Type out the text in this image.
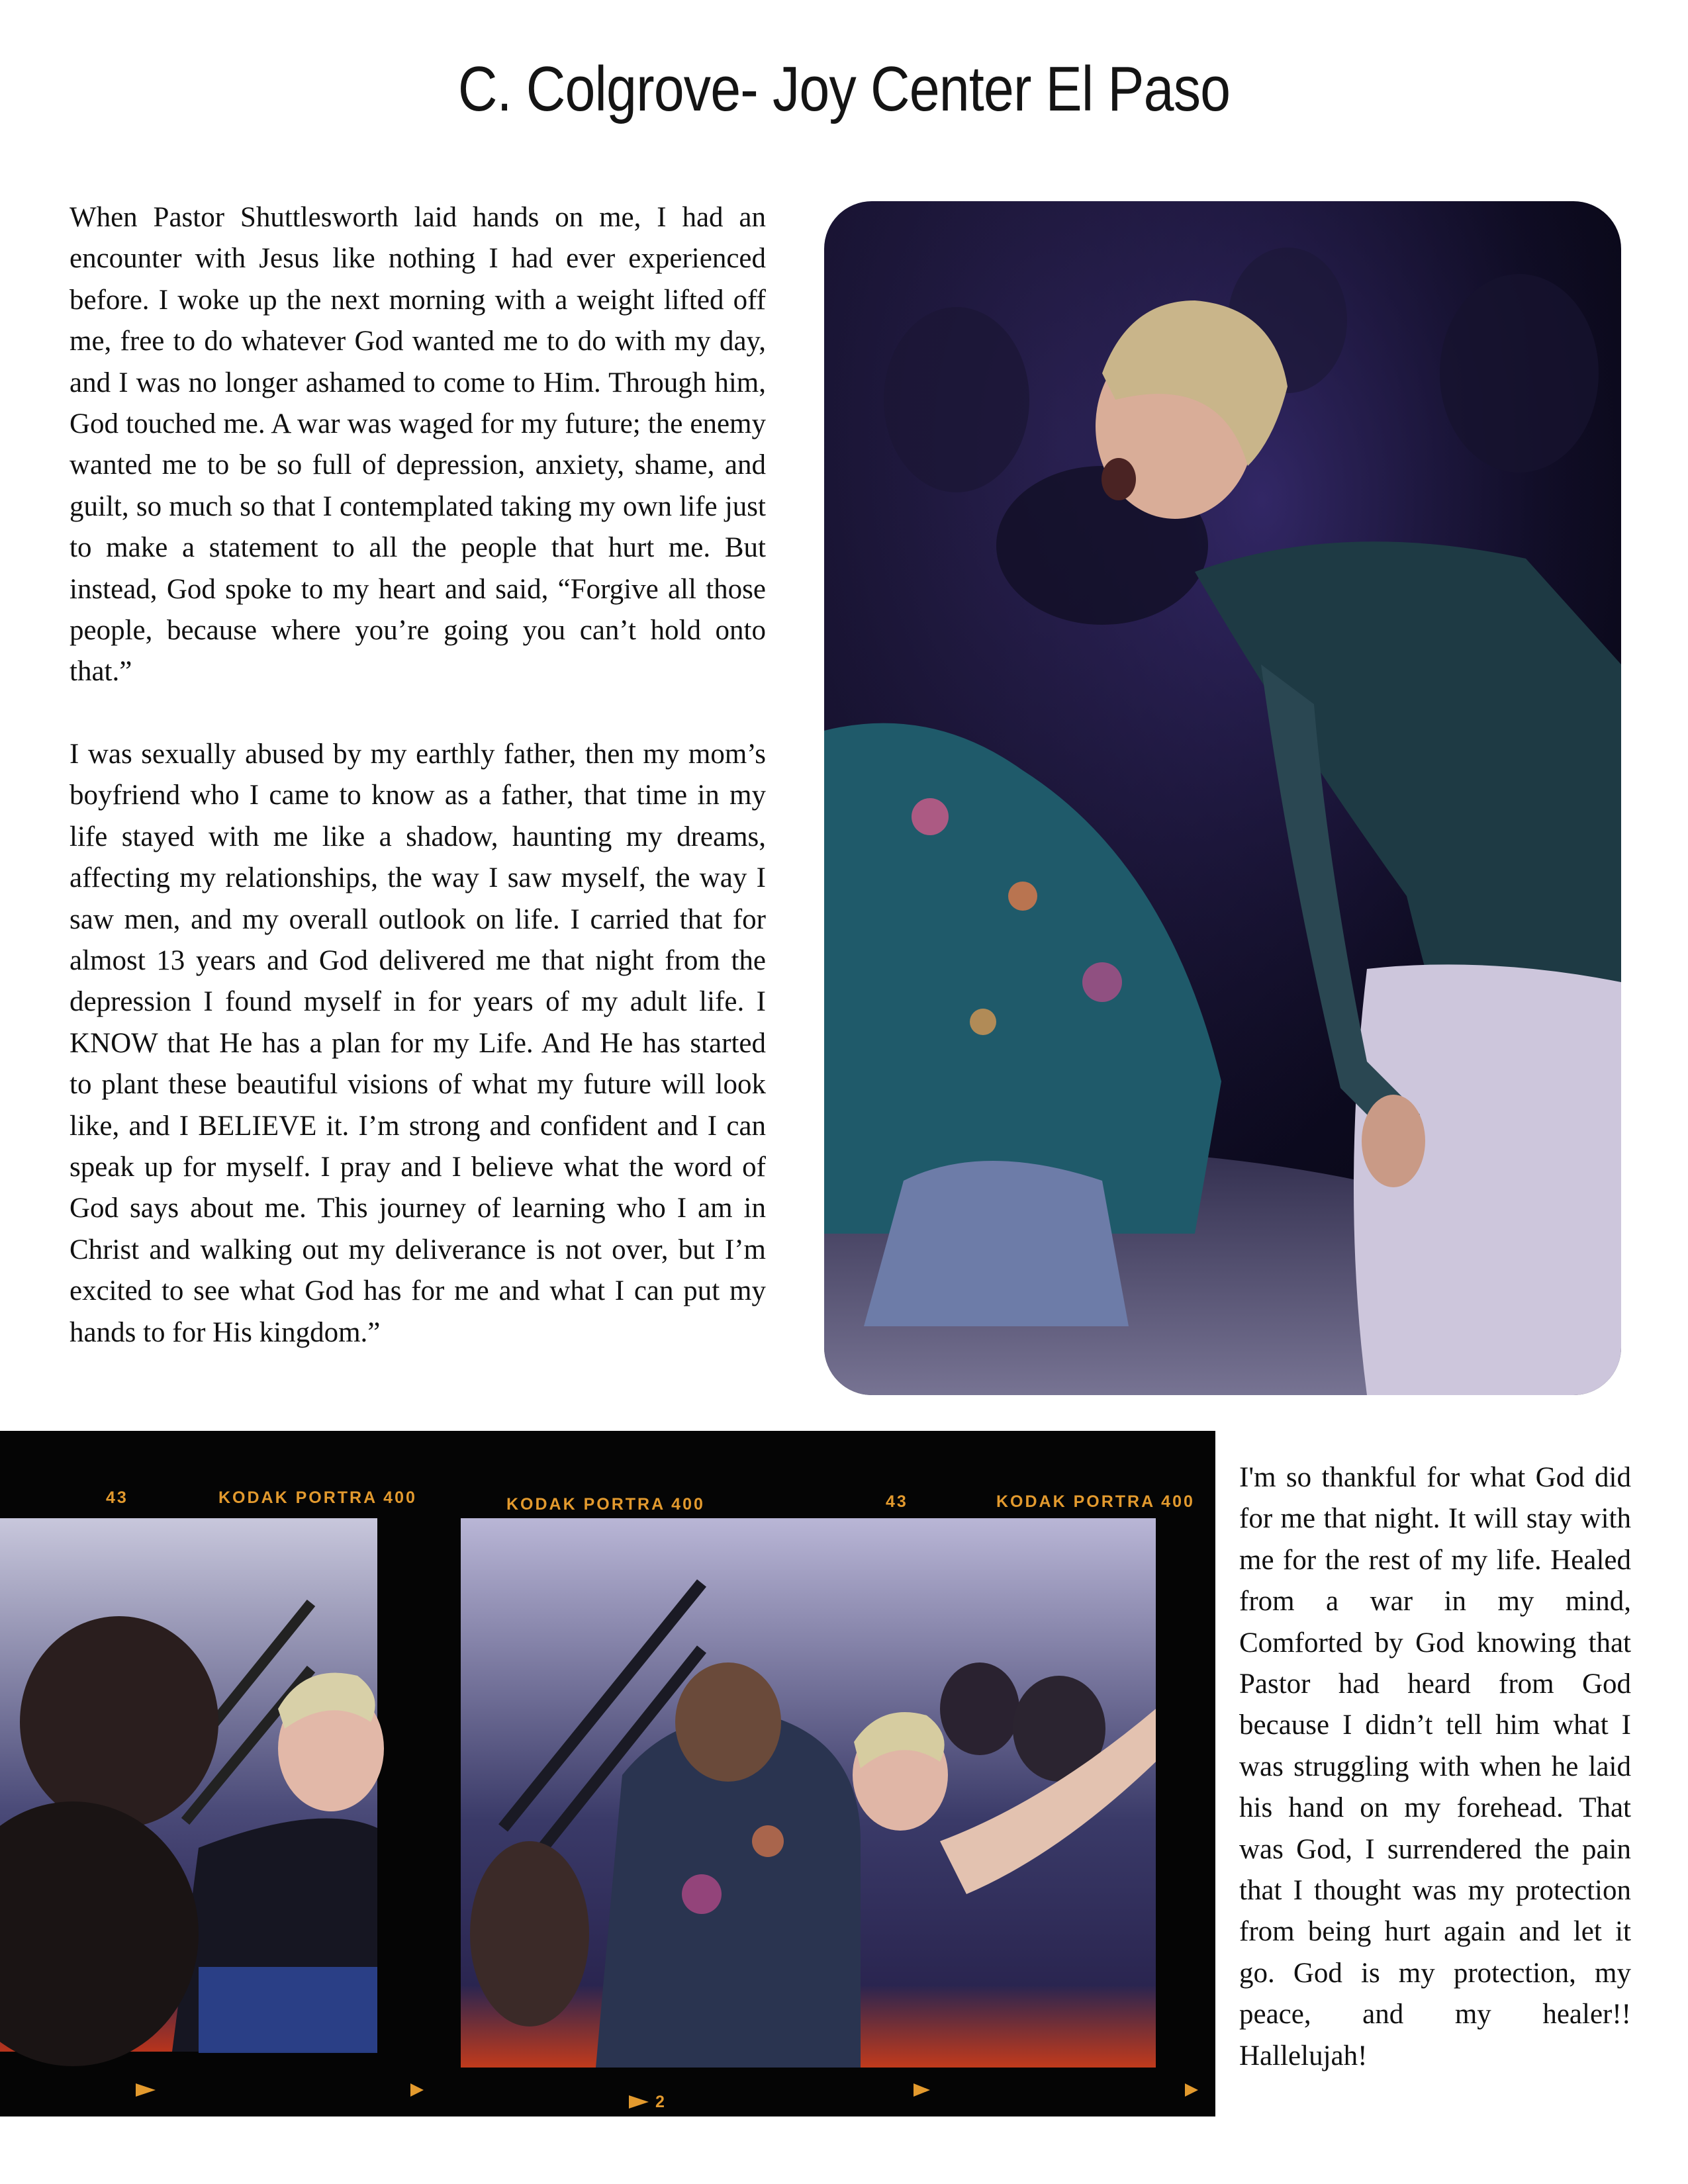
C. Colgrove- Joy Center El Paso

When Pastor Shuttlesworth laid hands on me, I had an encounter with Jesus like nothing I had ever experienced before. I woke up the next morning with a weight lifted off me, free to do whatever God wanted me to do with my day, and I was no longer ashamed to come to Him. Through him, God touched me. A war was waged for my future; the enemy wanted me to be so full of depression, anxiety, shame, and guilt, so much so that I contemplated taking my own life just to make a statement to all the people that hurt me. But instead, God spoke to my heart and said, “Forgive all those people, because where you’re going you can’t hold onto that.”

I was sexually abused by my earthly father, then my mom’s boyfriend who I came to know as a father, that time in my life stayed with me like a shadow, haunting my dreams, affecting my relationships, the way I saw myself, the way I saw men, and my overall outlook on life. I carried that for almost 13 years and God delivered me that night from the depression I found myself in for years of my adult life. I KNOW that He has a plan for my Life. And He has started to plant these beautiful visions of what my future will look like, and I BELIEVE it. I’m strong and confident and I can speak up for myself. I pray and I believe what the word of God says about me. This journey of learning who I am in Christ and walking out my deliverance is not over, but I’m excited to see what God has for me and what I can put my hands to for His kingdom.”

I'm so thankful for what God did for me that night. It will stay with me for the rest of my life. Healed from a war in my mind, Comforted by God knowing that Pastor had heard from God because I didn’t tell him what I was struggling with when he laid his hand on my forehead. That was God, I surrendered the pain that I thought was my protection from being hurt again and let it go. God is my protection, my peace, and my healer!! Hallelujah!

43	KODAK PORTRA 400	KODAK PORTRA 400	43	KODAK PORTRA 400
2
